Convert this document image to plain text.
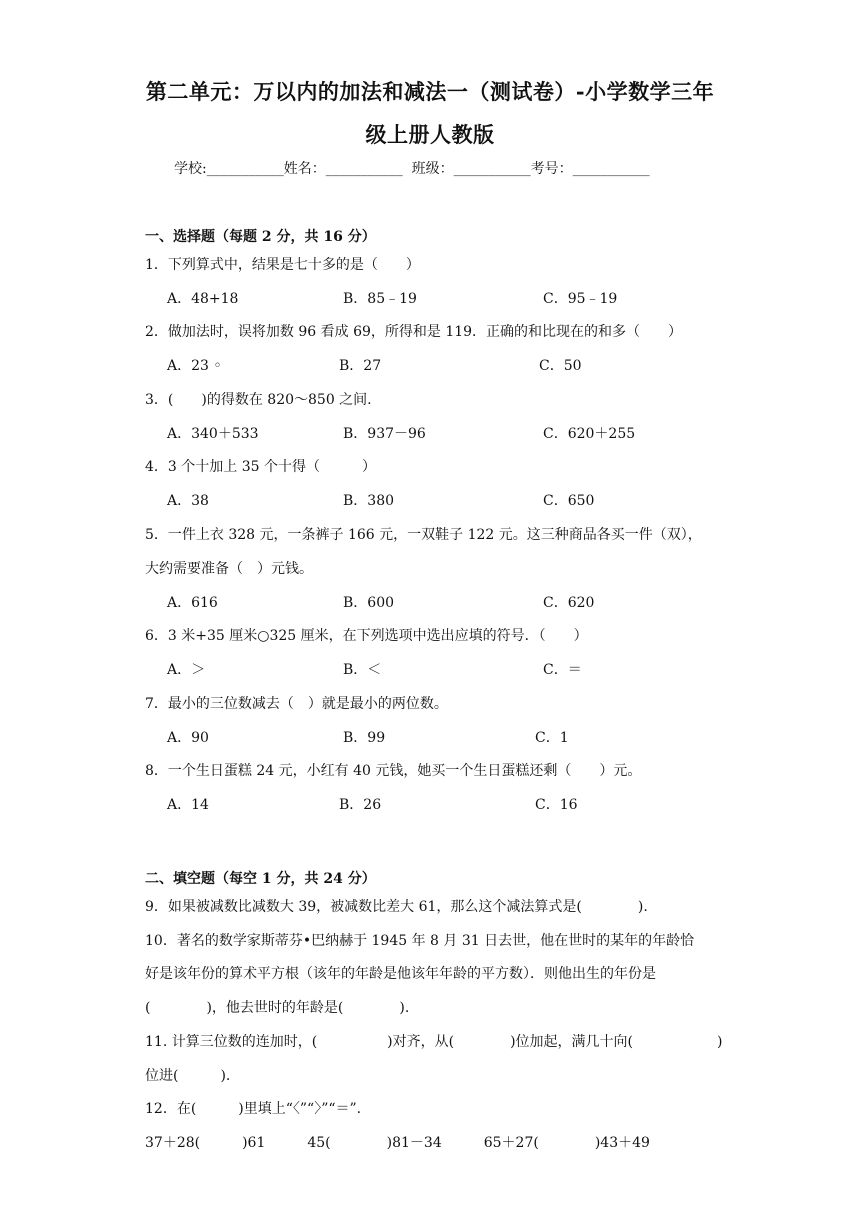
第二单元：万以内的加法和减法一（测试卷）-小学数学三年
级上册人教版
学校:___________姓名：___________  班级：___________考号：___________
一、选择题（每题 2 分，共 16 分）
1．下列算式中，结果是七十多的是（　　）
A．48+18	B．85﹣19	C．95﹣19
2．做加法时，误将加数 96 看成 69，所得和是 119．正确的和比现在的和多（　　）
A．23 ◦	B．27	C．50
3．(　　)的得数在 820～850 之间.
A．340＋533	B．937－96	C．620＋255
4．3 个十加上 35 个十得（　　　）
A．38	B．380	C．650
5．一件上衣 328 元，一条裤子 166 元，一双鞋子 122 元。这三种商品各买一件（双），
大约需要准备（　）元钱。
A．616	B．600	C．620
6．3 米+35 厘米○325 厘米，在下列选项中选出应填的符号．（　　）
A．＞	B．＜	C．＝
7．最小的三位数减去（　）就是最小的两位数。
A．90	B．99	C．1
8．一个生日蛋糕 24 元，小红有 40 元钱，她买一个生日蛋糕还剩（　　）元。
A．14	B．26	C．16
二、填空题（每空 1 分，共 24 分）
9．如果被减数比减数大 39，被减数比差大 61，那么这个减法算式是(　　　　).
10．著名的数学家斯蒂芬•巴纳赫于 1945 年 8 月 31 日去世，他在世时的某年的年龄恰
好是该年份的算术平方根（该年的年龄是他该年年龄的平方数）．则他出生的年份是
(　　　　)，他去世时的年龄是(　　　　).
11. 计算三位数的连加时，(　　　　　)对齐，从(　　　　)位加起，满几十向(　　　　　　)
位进(　　　).
12．在(　　　)里填上“〈”“〉”“＝”.
37＋28(　　　)61　　　45(　　　　)81－34　　　65＋27(　　　　)43＋49
